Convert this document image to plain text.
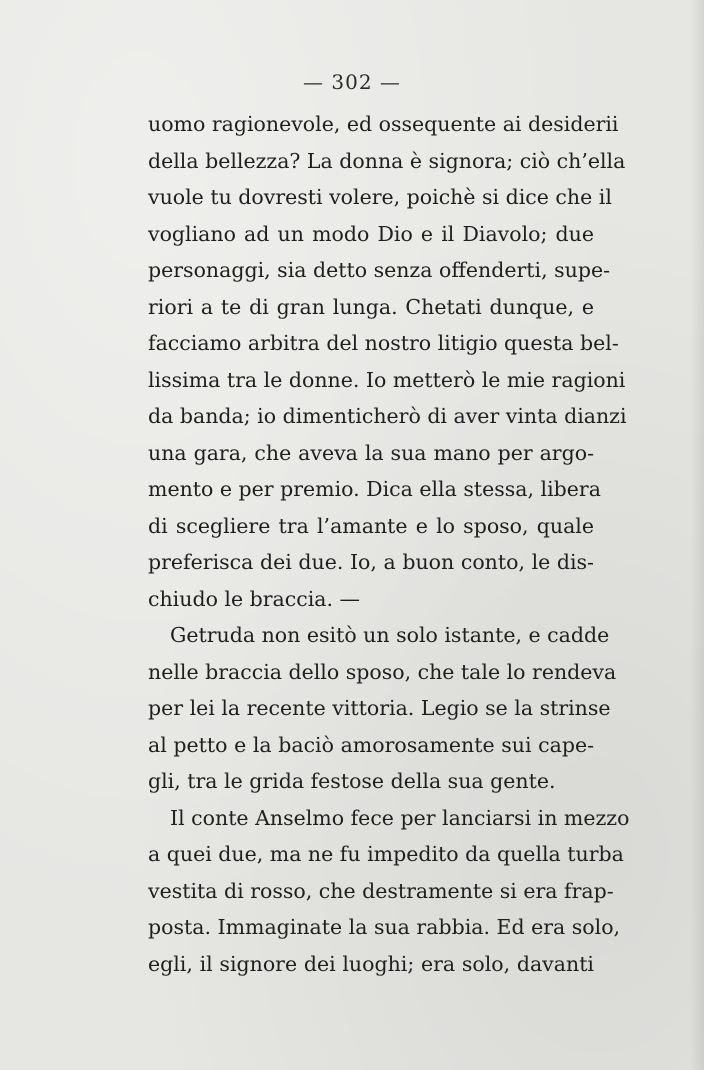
— 302 —
uomo ragionevole, ed ossequente ai desiderii
della bellezza? La donna è signora; ciò ch’ella
vuole tu dovresti volere, poichè si dice che il
vogliano ad un modo Dio e il Diavolo; due
personaggi, sia detto senza offenderti, supe-
riori a te di gran lunga. Chetati dunque, e
facciamo arbitra del nostro litigio questa bel-
lissima tra le donne. Io metterò le mie ragioni
da banda; io dimenticherò di aver vinta dianzi
una gara, che aveva la sua mano per argo-
mento e per premio. Dica ella stessa, libera
di scegliere tra l’amante e lo sposo, quale
preferisca dei due. Io, a buon conto, le dis-
chiudo le braccia. —
Getruda non esitò un solo istante, e cadde
nelle braccia dello sposo, che tale lo rendeva
per lei la recente vittoria. Legio se la strinse
al petto e la baciò amorosamente sui cape-
gli, tra le grida festose della sua gente.
Il conte Anselmo fece per lanciarsi in mezzo
a quei due, ma ne fu impedito da quella turba
vestita di rosso, che destramente si era frap-
posta. Immaginate la sua rabbia. Ed era solo,
egli, il signore dei luoghi; era solo, davanti
